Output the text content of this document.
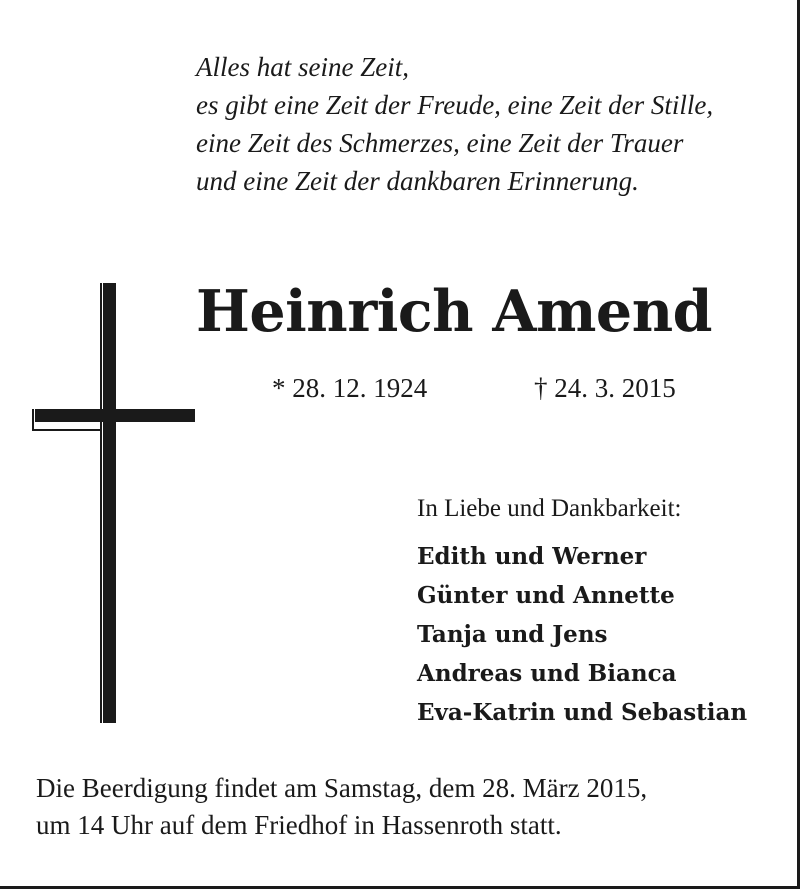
Alles hat seine Zeit,
es gibt eine Zeit der Freude, eine Zeit der Stille,
eine Zeit des Schmerzes, eine Zeit der Trauer
und eine Zeit der dankbaren Erinnerung.
Heinrich Amend
* 28. 12. 1924	† 24. 3. 2015
In Liebe und Dankbarkeit:
Edith und Werner
Günter und Annette
Tanja und Jens
Andreas und Bianca
Eva-Katrin und Sebastian
Die Beerdigung findet am Samstag, dem 28. März 2015,
um 14 Uhr auf dem Friedhof in Hassenroth statt.
